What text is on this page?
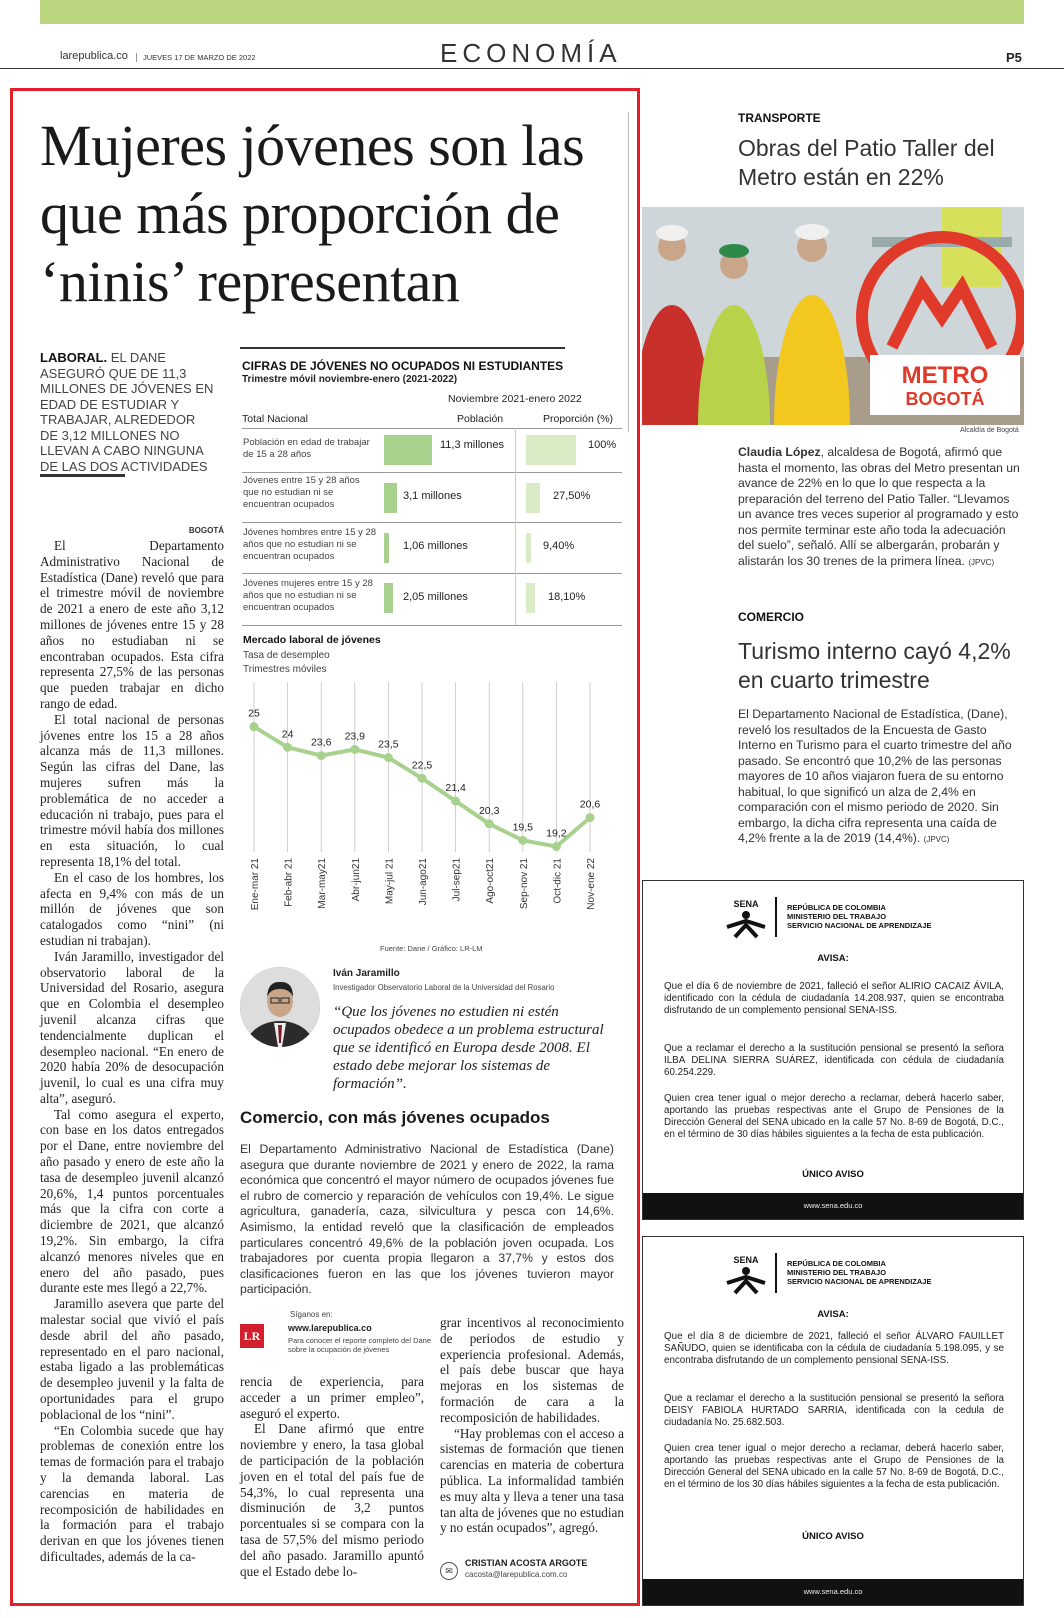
larepublica.co	JUEVES 17 DE MARZO DE 2022	ECONOMÍA	P5
Mujeres jóvenes son las que más proporción de ‘ninis’ representan
LABORAL. EL DANE ASEGURÓ QUE DE 11,3 MILLONES DE JÓVENES EN EDAD DE ESTUDIAR Y TRABAJAR, ALREDEDOR DE 3,12 MILLONES NO LLEVAN A CABO NINGUNA DE LAS DOS ACTIVIDADES
BOGOTÁ

El Departamento Administrativo Nacional de Estadística (Dane) reveló que para el trimestre móvil de noviembre de 2021 a enero de este año 3,12 millones de jóvenes entre 15 y 28 años no estudiaban ni se encontraban ocupados. Esta cifra representa 27,5% de las personas que pueden trabajar en dicho rango de edad.

El total nacional de personas jóvenes entre los 15 a 28 años alcanza más de 11,3 millones. Según las cifras del Dane, las mujeres sufren más la problemática de no acceder a educación ni trabajo, pues para el trimestre móvil había dos millones en esta situación, lo cual representa 18,1% del total.

En el caso de los hombres, los afecta en 9,4% con más de un millón de jóvenes que son catalogados como “nini” (ni estudian ni trabajan).

Iván Jaramillo, investigador del observatorio laboral de la Universidad del Rosario, asegura que en Colombia el desempleo juvenil alcanza cifras que tendencialmente duplican el desempleo nacional. “En enero de 2020 había 20% de desocupación juvenil, lo cual es una cifra muy alta”, aseguró.

Tal como asegura el experto, con base en los datos entregados por el Dane, entre noviembre del año pasado y enero de este año la tasa de desempleo juvenil alcanzó 20,6%, 1,4 puntos porcentuales más que la cifra con corte a diciembre de 2021, que alcanzó 19,2%. Sin embargo, la cifra alcanzó menores niveles que en enero del año pasado, pues durante este mes llegó a 22,7%.

Jaramillo asevera que parte del malestar social que vivió el país desde abril del año pasado, representado en el paro nacional, estaba ligado a las problemáticas de desempleo juvenil y la falta de oportunidades para el grupo poblacional de los “nini”.

“En Colombia sucede que hay problemas de conexión entre los temas de formación para el trabajo y la demanda laboral. Las carencias en materia de recomposición de habilidades en la formación para el trabajo derivan en que los jóvenes tienen dificultades, además de la ca-

CIFRAS DE JÓVENES NO OCUPADOS NI ESTUDIANTES
Trimestre móvil noviembre-enero (2021-2022)
Noviembre 2021-enero 2022
Total Nacional	Población	Proporción (%)
Población en edad de trabajar de 15 a 28 años
11,3 millones	100%
Jóvenes entre 15 y 28 años que no estudian ni se encuentran ocupados
3,1 millones	27,50%
Jóvenes hombres entre 15 y 28 años que no estudian ni se encuentran ocupados
1,06 millones	9,40%
Jóvenes mujeres entre 15 y 28 años que no estudian ni se encuentran ocupados
2,05 millones	18,10%
Mercado laboral de jóvenes
Tasa de desempleo
Trimestres móviles
25
24
23,6
23,9
23,5
22,5
21,4
20,3
19,5
19,2
20,6
Ene-mar 21 Feb-abr 21 Mar-may21 Abr-jun21 May-jul 21 Jun-ago21 Jul-sep21 Ago-oct21 Sep-nov 21 Oct-dic 21 Nov-ene 22
Fuente: Dane / Gráfico: LR-LM
Iván Jaramillo
Investigador Observatorio Laboral de la Universidad del Rosario
“Que los jóvenes no estudien ni estén ocupados obedece a un problema estructural que se identificó en Europa desde 2008. El estado debe mejorar los sistemas de formación”.
Comercio, con más jóvenes ocupados
El Departamento Administrativo Nacional de Estadística (Dane) asegura que durante noviembre de 2021 y enero de 2022, la rama económica que concentró el mayor número de ocupados jóvenes fue el rubro de comercio y reparación de vehículos con 19,4%. Le sigue agricultura, ganadería, caza, silvicultura y pesca con 14,6%. Asimismo, la entidad reveló que la clasificación de empleados particulares concentró 49,6% de la población joven ocupada. Los trabajadores por cuenta propia llegaron a 37,7% y estos dos clasificaciones fueron en las que los jóvenes tuvieron mayor participación.
LR
Síganos en:
www.larepublica.co
Para conocer el reporte completo del Dane sobre la ocupación de jóvenes

rencia de experiencia, para acceder a un primer empleo”, aseguró el experto.

El Dane afirmó que entre noviembre y enero, la tasa global de participación de la población joven en el total del país fue de 54,3%, lo cual representa una disminución de 3,2 puntos porcentuales si se compara con la tasa de 57,5% del mismo periodo del año pasado. Jaramillo apuntó que el Estado debe lo-

grar incentivos al reconocimiento de periodos de estudio y experiencia profesional. Además, el país debe buscar que haya mejoras en los sistemas de formación de cara a la recomposición de habilidades.

“Hay problemas con el acceso a sistemas de formación que tienen carencias en materia de cobertura pública. La informalidad también es muy alta y lleva a tener una tasa tan alta de jóvenes que no estudian y no están ocupados”, agregó.

✉
CRISTIAN ACOSTA ARGOTE
cacosta@larepublica.com.co
TRANSPORTE
Obras del Patio Taller del Metro están en 22%
METRO
BOGOTÁ
Alcaldía de Bogotá
Claudia López, alcaldesa de Bogotá, afirmó que hasta el momento, las obras del Metro presentan un avance de 22% en lo que lo que respecta a la preparación del terreno del Patio Taller. “Llevamos un avance tres veces superior al programado y esto nos permite terminar este año toda la adecuación del suelo”, señaló. Allí se albergarán, probarán y alistarán los 30 trenes de la primera línea. (JPVC)
COMERCIO
Turismo interno cayó 4,2% en cuarto trimestre
El Departamento Nacional de Estadística, (Dane), reveló los resultados de la Encuesta de Gasto Interno en Turismo para el cuarto trimestre del año pasado. Se encontró que 10,2% de las personas mayores de 10 años viajaron fuera de su entorno habitual, lo que significó un alza de 2,4% en comparación con el mismo periodo de 2020. Sin embargo, la dicha cifra representa una caída de 4,2% frente a la de 2019 (14,4%). (JPVC)
SENA	REPÚBLICA DE COLOMBIA
MINISTERIO DEL TRABAJO
SERVICIO NACIONAL DE APRENDIZAJE
AVISA:
Que el día 6 de noviembre de 2021, falleció el señor ALIRIO CACAIZ ÁVILA, identificado con la cédula de ciudadanía 14.208.937, quien se encontraba disfrutando de un complemento pensional SENA-ISS.
Que a reclamar el derecho a la sustitución pensional se presentó la señora ILBA DELINA SIERRA SUÁREZ, identificada con cédula de ciudadanía 60.254.229.
Quien crea tener igual o mejor derecho a reclamar, deberá hacerlo saber, aportando las pruebas respectivas ante el Grupo de Pensiones de la Dirección General del SENA ubicado en la calle 57 No. 8-69 de Bogotá, D.C., en el término de 30 días hábiles siguientes a la fecha de esta publicación.
ÚNICO AVISO
www.sena.edu.co
SENA	REPÚBLICA DE COLOMBIA
MINISTERIO DEL TRABAJO
SERVICIO NACIONAL DE APRENDIZAJE
AVISA:
Que el día 8 de diciembre de 2021, falleció el señor ÁLVARO FAUILLET SAÑUDO, quien se identificaba con la cédula de ciudadanía 5.198.095, y se encontraba disfrutando de un complemento pensional SENA-ISS.
Que a reclamar el derecho a la sustitución pensional se presentó la señora DEISY FABIOLA HURTADO SARRIA, identificada con la cedula de ciudadanía No. 25.682.503.
Quien crea tener igual o mejor derecho a reclamar, deberá hacerlo saber, aportando las pruebas respectivas ante el Grupo de Pensiones de la Dirección General del SENA ubicado en la calle 57 No. 8-69 de Bogotá, D.C., en el término de los 30 días hábiles siguientes a la fecha de esta publicación.
ÚNICO AVISO
www.sena.edu.co
